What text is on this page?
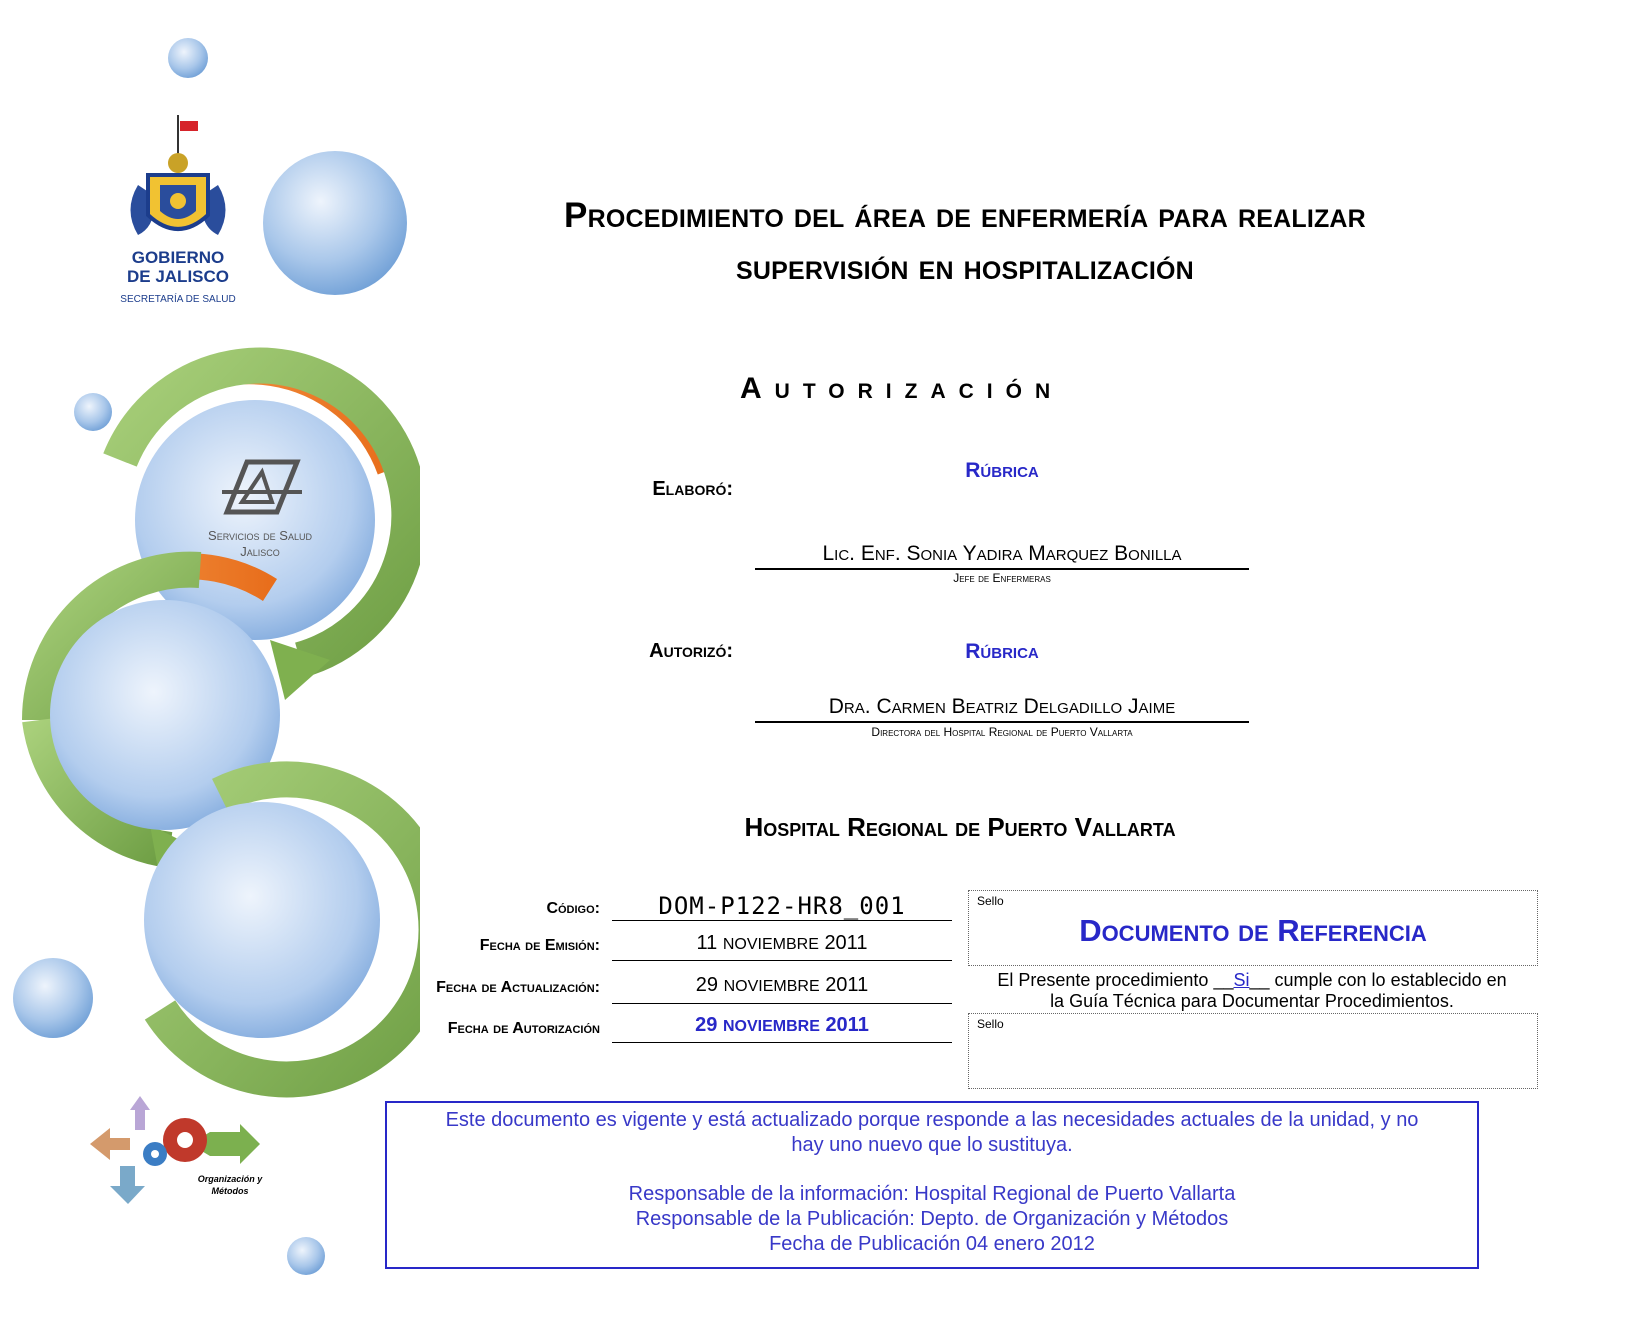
GOBIERNO
DE JALISCO
SECRETARÍA DE SALUD
Servicios de Salud
Jalisco
Organización y
Métodos
Procedimiento del área de enfermería para realizar
supervisión en hospitalización
Autorización
Elaboró:
Rúbrica
Lic. Enf. Sonia Yadira Marquez Bonilla
Jefe de Enfermeras
Autorizó:	Rúbrica
Dra. Carmen Beatriz Delgadillo Jaime
Directora del Hospital Regional de Puerto Vallarta
Hospital Regional de Puerto Vallarta
Código:	DOM-P122-HR8_001
Fecha de Emisión:	11 NOVIEMBRE 2011
Fecha de Actualización:	29 NOVIEMBRE 2011
Fecha de Autorización	29 NOVIEMBRE 2011
Sello
Documento de Referencia
El Presente procedimiento __Si__ cumple con lo establecido en
la Guía Técnica para Documentar Procedimientos.
Sello

Este documento es vigente y está actualizado porque responde a las necesidades actuales de la unidad, y no

hay uno nuevo que lo sustituya.

Responsable de la información: Hospital Regional de Puerto Vallarta

Responsable de la Publicación: Depto. de Organización y Métodos

Fecha de Publicación 04 enero 2012
